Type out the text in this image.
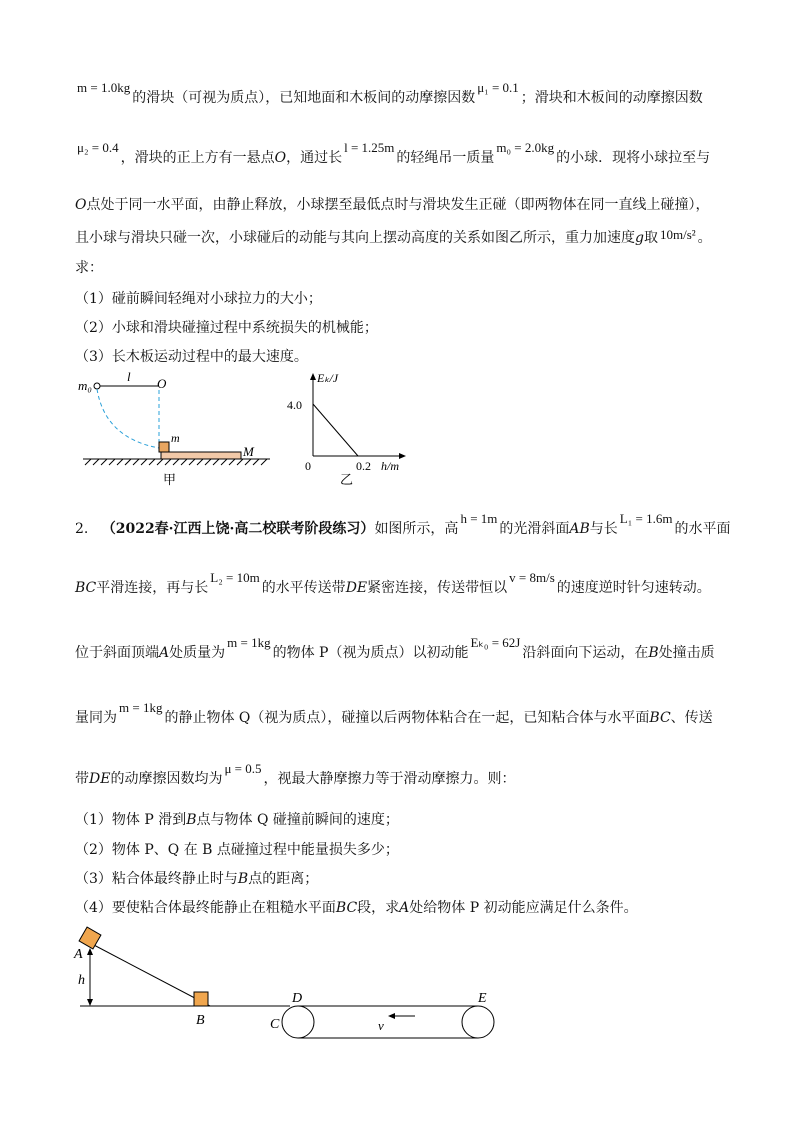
m = 1.0kg的滑块（可视为质点），已知地面和木板间的动摩擦因数μ₁ = 0.1；滑块和木板间的动摩擦因数
μ₂ = 0.4，滑块的正上方有一悬点O，通过长l = 1.25m的轻绳吊一质量m₀ = 2.0kg的小球．现将小球拉至与
O点处于同一水平面，由静止释放，小球摆至最低点时与滑块发生正碰（即两物体在同一直线上碰撞），
且小球与滑块只碰一次，小球碰后的动能与其向上摆动高度的关系如图乙所示，重力加速度g取 10m/s² 。
求：
（1）碰前瞬间轻绳对小球拉力的大小；
（2）小球和滑块碰撞过程中系统损失的机械能；
（3）长木板运动过程中的最大速度。
m₀
l O
m
M
甲
Eₖ/J
4.0
0	0.2 h/m
乙
2. （2022春·江西上饶·高二校联考阶段练习）如图所示，高h = 1m的光滑斜面AB与长L₁ = 1.6m的水平面
BC平滑连接，再与长L₂ = 10m的水平传送带DE紧密连接，传送带恒以v = 8m/s的速度逆时针匀速转动。
位于斜面顶端A处质量为m = 1kg的物体 P（视为质点）以初动能Eₖ₀ = 62J沿斜面向下运动，在B处撞击质
量同为m = 1kg的静止物体 Q（视为质点），碰撞以后两物体粘合在一起，已知粘合体与水平面BC、传送
带DE的动摩擦因数均为μ = 0.5，视最大静摩擦力等于滑动摩擦力。则：
（1）物体 P 滑到B点与物体 Q 碰撞前瞬间的速度；
（2）物体 P、Q 在 B 点碰撞过程中能量损失多少；
（3）粘合体最终静止时与B点的距离；
（4）要使粘合体最终能静止在粗糙水平面BC段，求A处给物体 P 初动能应满足什么条件。
A
h
B
D
C
E
v
